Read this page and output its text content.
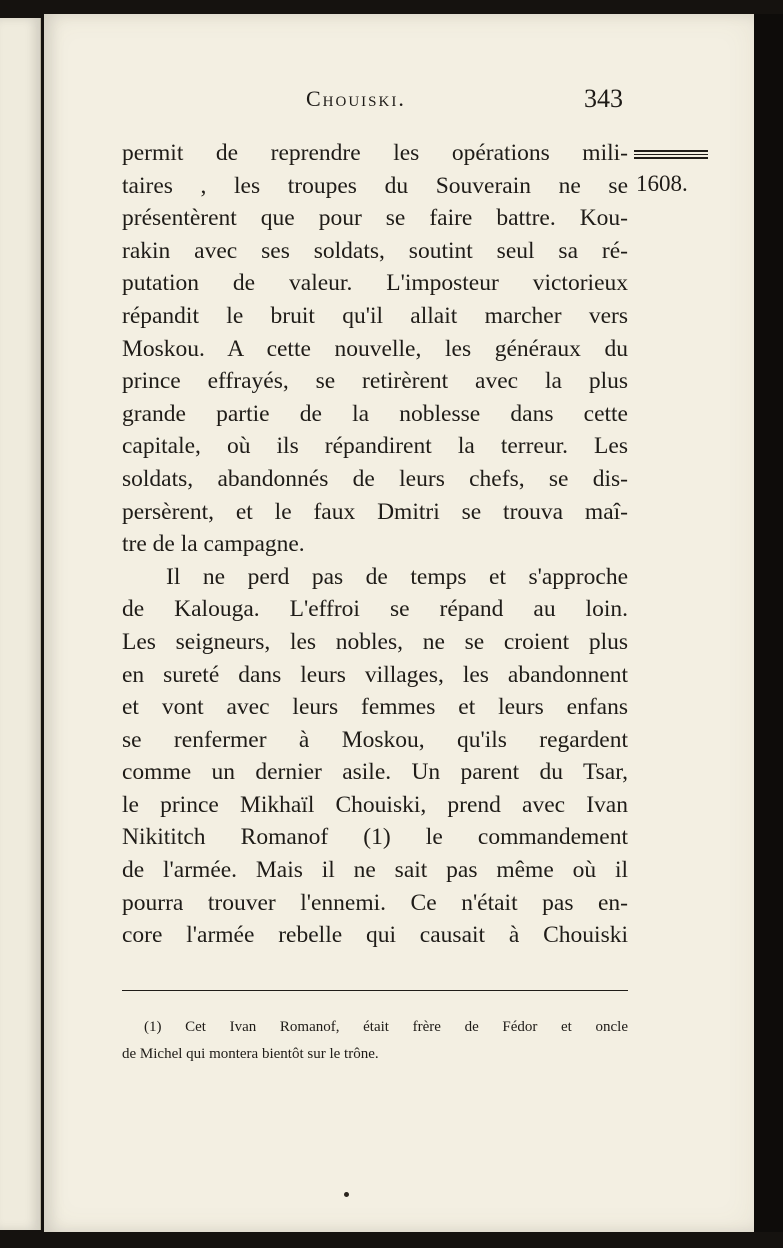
Chouiski.	343
1608.
permit de reprendre les opérations mili-
taires , les troupes du Souverain ne se
présentèrent que pour se faire battre. Kou-
rakin avec ses soldats, soutint seul sa ré-
putation de valeur. L'imposteur victorieux
répandit le bruit qu'il allait marcher vers
Moskou. A cette nouvelle, les généraux du
prince effrayés, se retirèrent avec la plus
grande partie de la noblesse dans cette
capitale, où ils répandirent la terreur. Les
soldats, abandonnés de leurs chefs, se dis-
persèrent, et le faux Dmitri se trouva maî-
tre de la campagne.
Il ne perd pas de temps et s'approche
de Kalouga. L'effroi se répand au loin.
Les seigneurs, les nobles, ne se croient plus
en sureté dans leurs villages, les abandonnent
et vont avec leurs femmes et leurs enfans
se renfermer à Moskou, qu'ils regardent
comme un dernier asile. Un parent du Tsar,
le prince Mikhaïl Chouiski, prend avec Ivan
Nikititch Romanof (1) le commandement
de l'armée. Mais il ne sait pas même où il
pourra trouver l'ennemi. Ce n'était pas en-
core l'armée rebelle qui causait à Chouiski
(1) Cet Ivan Romanof, était frère de Fédor et oncle
de Michel qui montera bientôt sur le trône.
